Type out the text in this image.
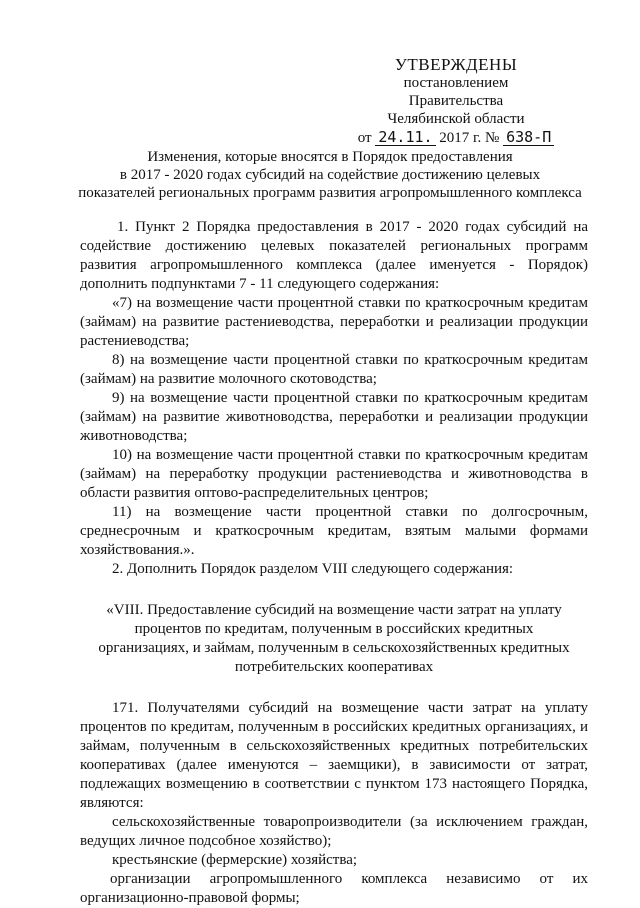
УТВЕРЖДЕНЫ
постановлением Правительства
Челябинской области
от 24.11. 2017 г. № 638-П
Изменения, которые вносятся в Порядок предоставления
в 2017 - 2020 годах субсидий на содействие достижению целевых
показателей региональных программ развития агропромышленного комплекса

1. Пункт 2 Порядка предоставления в 2017 - 2020 годах субсидий на содействие достижению целевых показателей региональных программ развития агропромышленного комплекса (далее именуется - Порядок) дополнить подпунктами 7 - 11 следующего содержания:

«7) на возмещение части процентной ставки по краткосрочным кредитам (займам) на развитие растениеводства, переработки и реализации продукции растениеводства;

8) на возмещение части процентной ставки по краткосрочным кредитам (займам) на развитие молочного скотоводства;

9) на возмещение части процентной ставки по краткосрочным кредитам (займам) на развитие животноводства, переработки и реализации продукции животноводства;

10) на возмещение части процентной ставки по краткосрочным кредитам (займам) на переработку продукции растениеводства и животноводства в области развития оптово-распределительных центров;

11) на возмещение части процентной ставки по долгосрочным, среднесрочным и краткосрочным кредитам, взятым малыми формами хозяйствования.».

2. Дополнить Порядок разделом VIII следующего содержания:

«VIII. Предоставление субсидий на возмещение части затрат на уплату процентов по кредитам, полученным в российских кредитных организациях, и займам, полученным в сельскохозяйственных кредитных потребительских кооперативах

171. Получателями субсидий на возмещение части затрат на уплату процентов по кредитам, полученным в российских кредитных организациях, и займам, полученным в сельскохозяйственных кредитных потребительских кооперативах (далее именуются – заемщики), в зависимости от затрат, подлежащих возмещению в соответствии с пунктом 173 настоящего Порядка, являются:

сельскохозяйственные товаропроизводители (за исключением граждан, ведущих личное подсобное хозяйство);

крестьянские (фермерские) хозяйства;

организации агропромышленного комплекса независимо от их

организационно-правовой формы;
